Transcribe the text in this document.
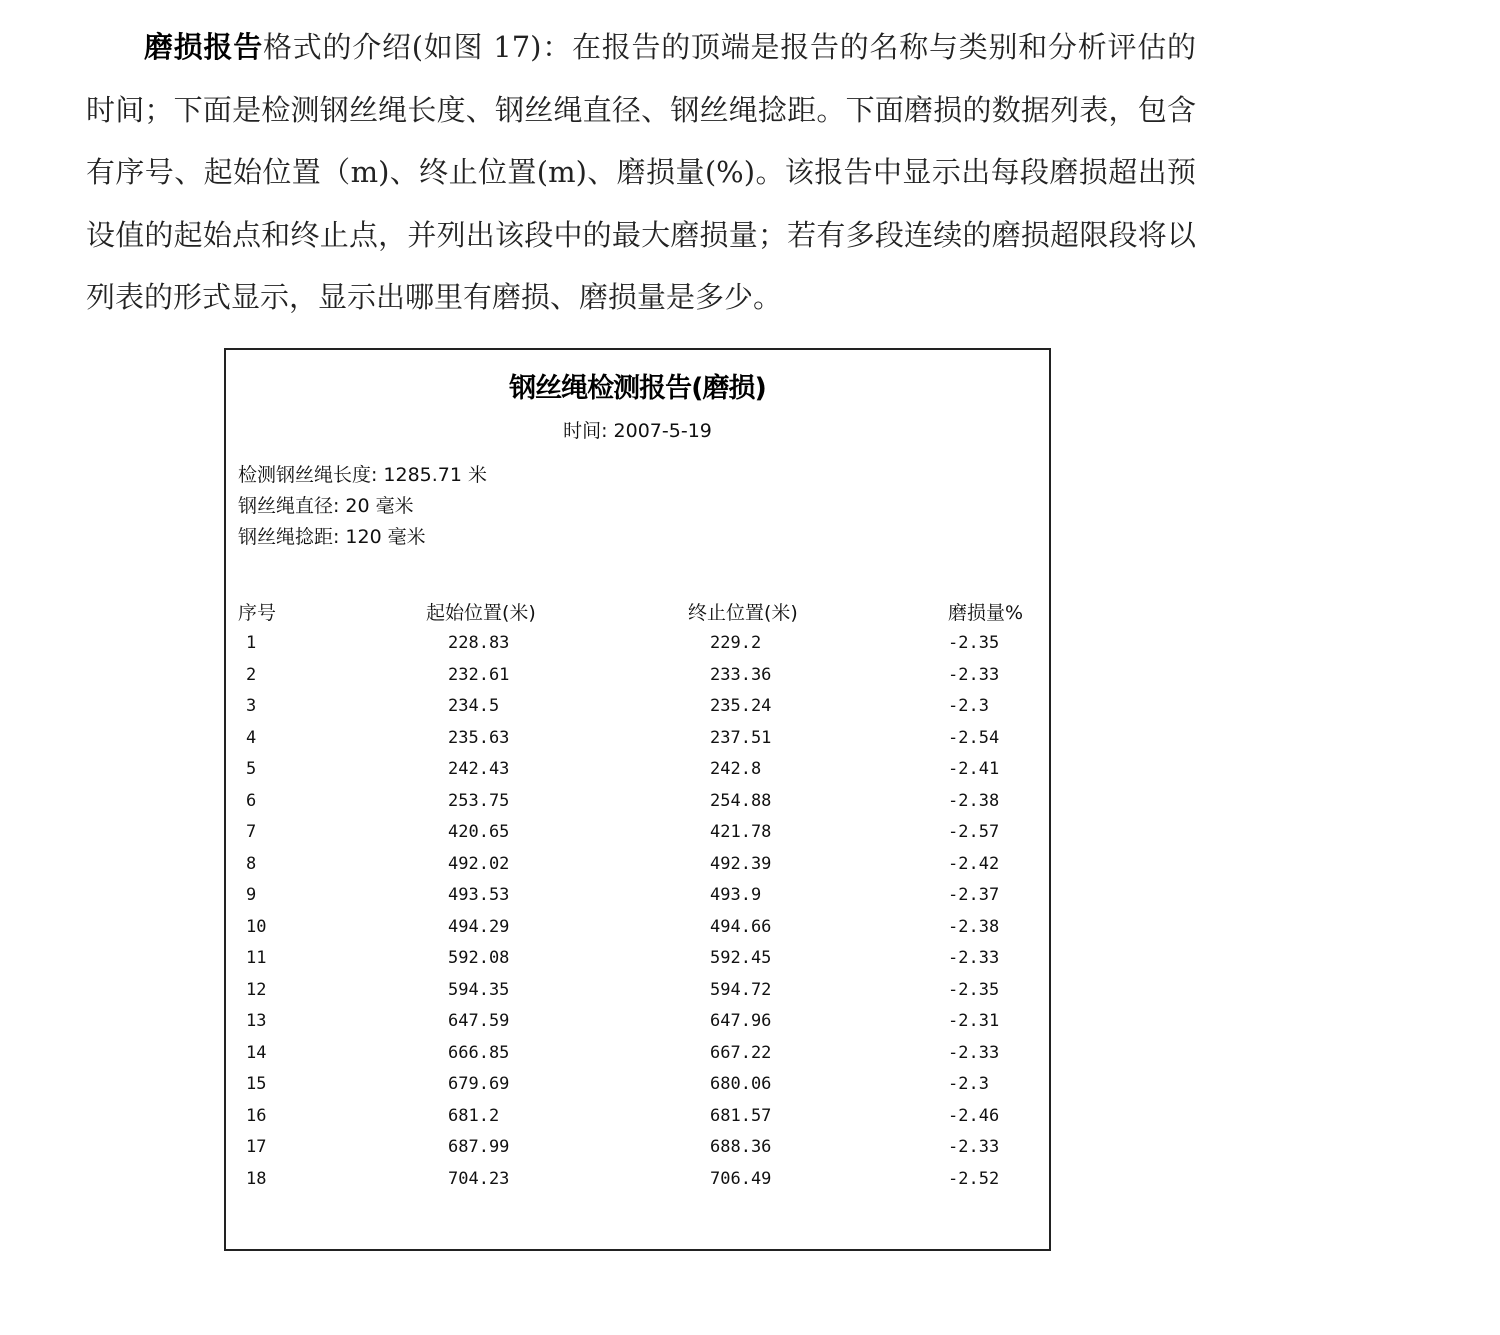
磨损报告格式的介绍(如图 17)：在报告的顶端是报告的名称与类别和分析评估的时间；下面是检测钢丝绳长度、钢丝绳直径、钢丝绳捻距。下面磨损的数据列表，包含有序号、起始位置（m)、终止位置(m)、磨损量(%)。该报告中显示出每段磨损超出预设值的起始点和终止点，并列出该段中的最大磨损量；若有多段连续的磨损超限段将以列表的形式显示，显示出哪里有磨损、磨损量是多少。

钢丝绳检测报告(磨损)
时间: 2007-5-19
检测钢丝绳长度: 1285.71 米
钢丝绳直径: 20 毫米
钢丝绳捻距: 120 毫米
序号	起始位置(米)	终止位置(米)	磨损量%
1	228.83	229.2	-2.35
2	232.61	233.36	-2.33
3	234.5	235.24	-2.3
4	235.63	237.51	-2.54
5	242.43	242.8	-2.41
6	253.75	254.88	-2.38
7	420.65	421.78	-2.57
8	492.02	492.39	-2.42
9	493.53	493.9	-2.37
10	494.29	494.66	-2.38
11	592.08	592.45	-2.33
12	594.35	594.72	-2.35
13	647.59	647.96	-2.31
14	666.85	667.22	-2.33
15	679.69	680.06	-2.3
16	681.2	681.57	-2.46
17	687.99	688.36	-2.33
18	704.23	706.49	-2.52
